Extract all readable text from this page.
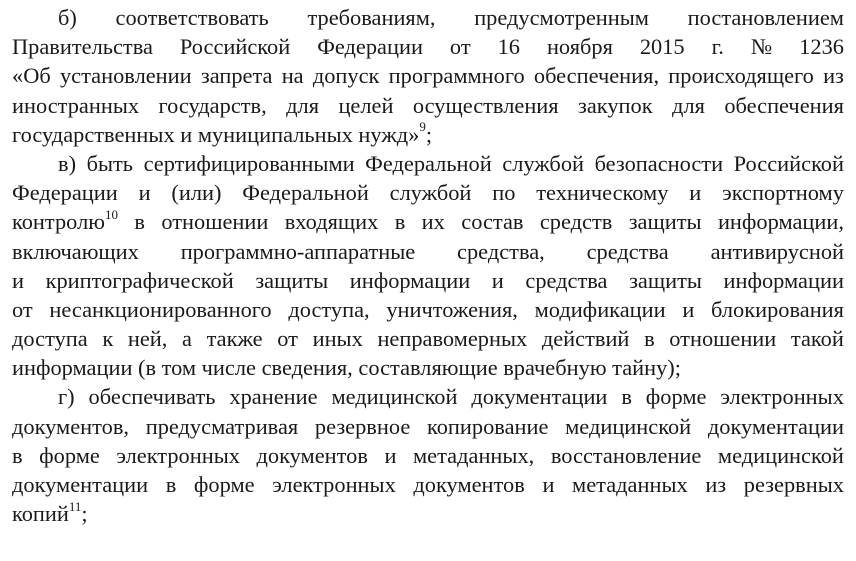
б) соответствовать требованиям, предусмотренным постановлением
Правительства Российской Федерации от 16 ноября 2015 г. № 1236
«Об установлении запрета на допуск программного обеспечения, происходящего из
иностранных государств, для целей осуществления закупок для обеспечения
государственных и муниципальных нужд»$^9$;
в) быть сертифицированными Федеральной службой безопасности Российской
Федерации и (или) Федеральной службой по техническому и экспортному
контролю$^{10}$ в отношении входящих в их состав средств защиты информации,
включающих программно-аппаратные средства, средства антивирусной
и криптографической защиты информации и средства защиты информации
от несанкционированного доступа, уничтожения, модификации и блокирования
доступа к ней, а также от иных неправомерных действий в отношении такой
информации (в том числе сведения, составляющие врачебную тайну);
г) обеспечивать хранение медицинской документации в форме электронных
документов, предусматривая резервное копирование медицинской документации
в форме электронных документов и метаданных, восстановление медицинской
документации в форме электронных документов и метаданных из резервных
копий$^{11}$;
